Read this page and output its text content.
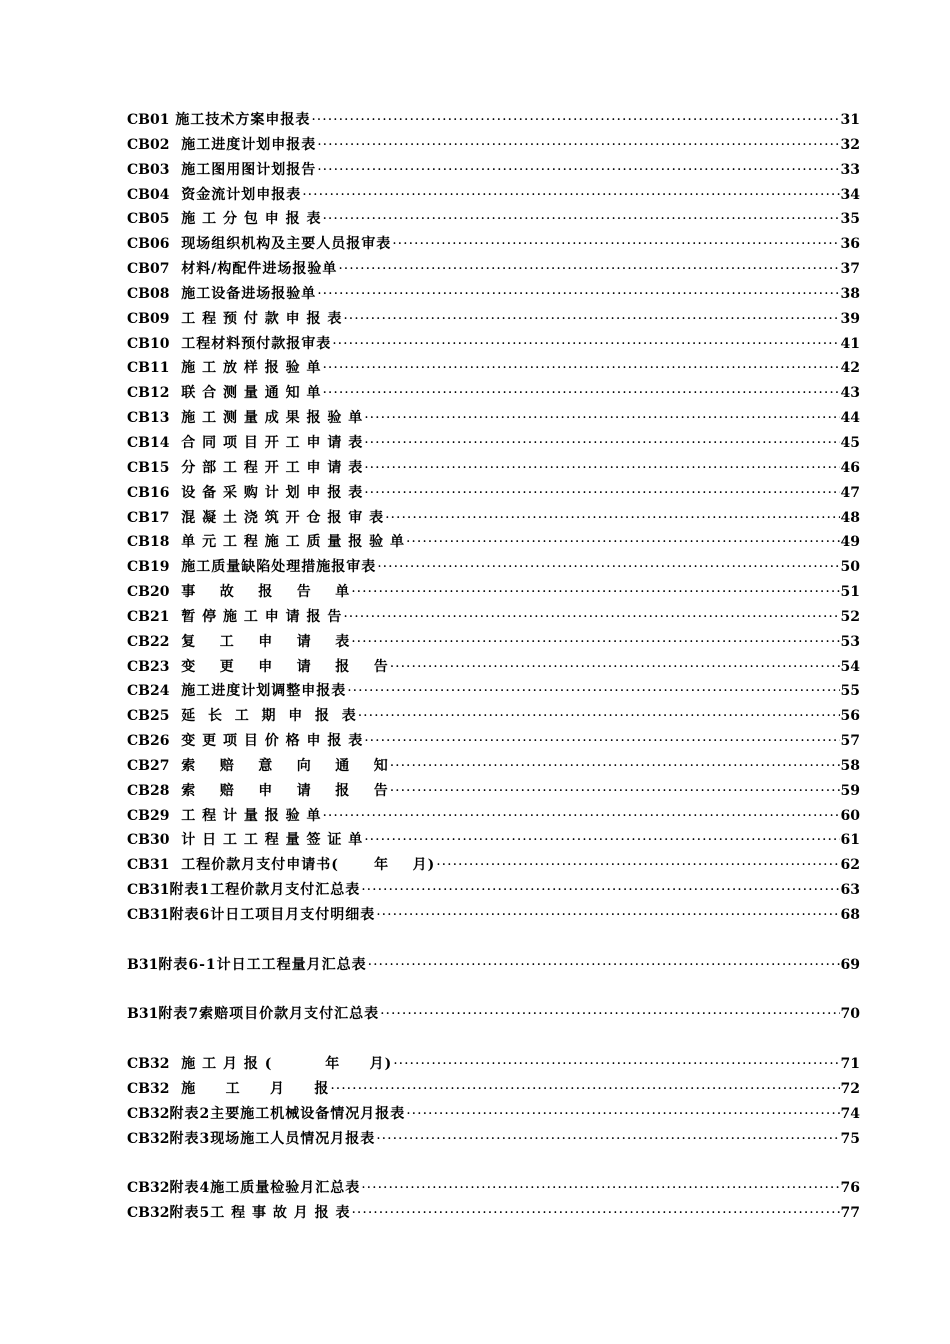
CB01 施工技术方案申报表 ·····	31
CB02 施工进度计划申报表 ·····	32
CB03 施工图用图计划报告 ·····	33
CB04 资金流计划申报表 ·····	34
CB05 施 工 分 包 申 报 表 ·····	35
CB06 现场组织机构及主要人员报审表 ·····	36
CB07 材料/构配件进场报验单 ·····	37
CB08 施工设备进场报验单 ·····	38
CB09 工 程 预 付 款 申 报 表 ·····	39
CB10 工程材料预付款报审表 ·····	41
CB11 施 工 放 样 报 验 单 ·····	42
CB12 联 合 测 量 通 知 单 ·····	43
CB13 施 工 测 量 成 果 报 验 单 ·····	44
CB14 合 同 项 目 开 工 申 请 表 ·····	45
CB15 分 部 工 程 开 工 申 请 表 ·····	46
CB16 设 备 采 购 计 划 申 报 表 ·····	47
CB17 混 凝 土 浇 筑 开 仓 报 审 表 ·····	48
CB18 单 元 工 程 施 工 质 量 报 验 单 ·····	49
CB19 施工质量缺陷处理措施报审表 ·····	50
CB20 事    故    报    告    单 ·····	51
CB21 暂 停 施 工 申 请 报 告 ·····	52
CB22 复    工    申    请    表 ·····	53
CB23 变    更    申    请    报    告 ·····	54
CB24 施工进度计划调整申报表 ·····	55
CB25 延  长  工  期  申  报  表 ·····	56
CB26 变 更 项 目 价 格 申 报 表 ·····	57
CB27 索    赔    意    向    通    知 ·····	58
CB28 索    赔    申    请    报    告 ·····	59
CB29 工 程 计 量 报 验 单 ·····	60
CB30 计 日 工 工 程 量 签 证 单 ·····	61
CB31 工程价款月支付申请书(      年    月) ·····	62
CB31 附表1工程价款月支付汇总表 ·····	63
CB31 附表6计日工项目月支付明细表 ·····	68
B31 附表6-1计日工工程量月汇总表 ·····	69
B31 附表7索赔项目价款月支付汇总表 ·····	70
CB32 施 工 月 报 (         年     月) ·····	71
CB32 施     工     月     报 ·····	72
CB32 附表2主要施工机械设备情况月报表 ·····	74
CB32 附表3现场施工人员情况月报表 ·····	75
CB32 附表4施工质量检验月汇总表 ·····	76
CB32 附表5工 程 事 故 月 报 表 ·····	77
